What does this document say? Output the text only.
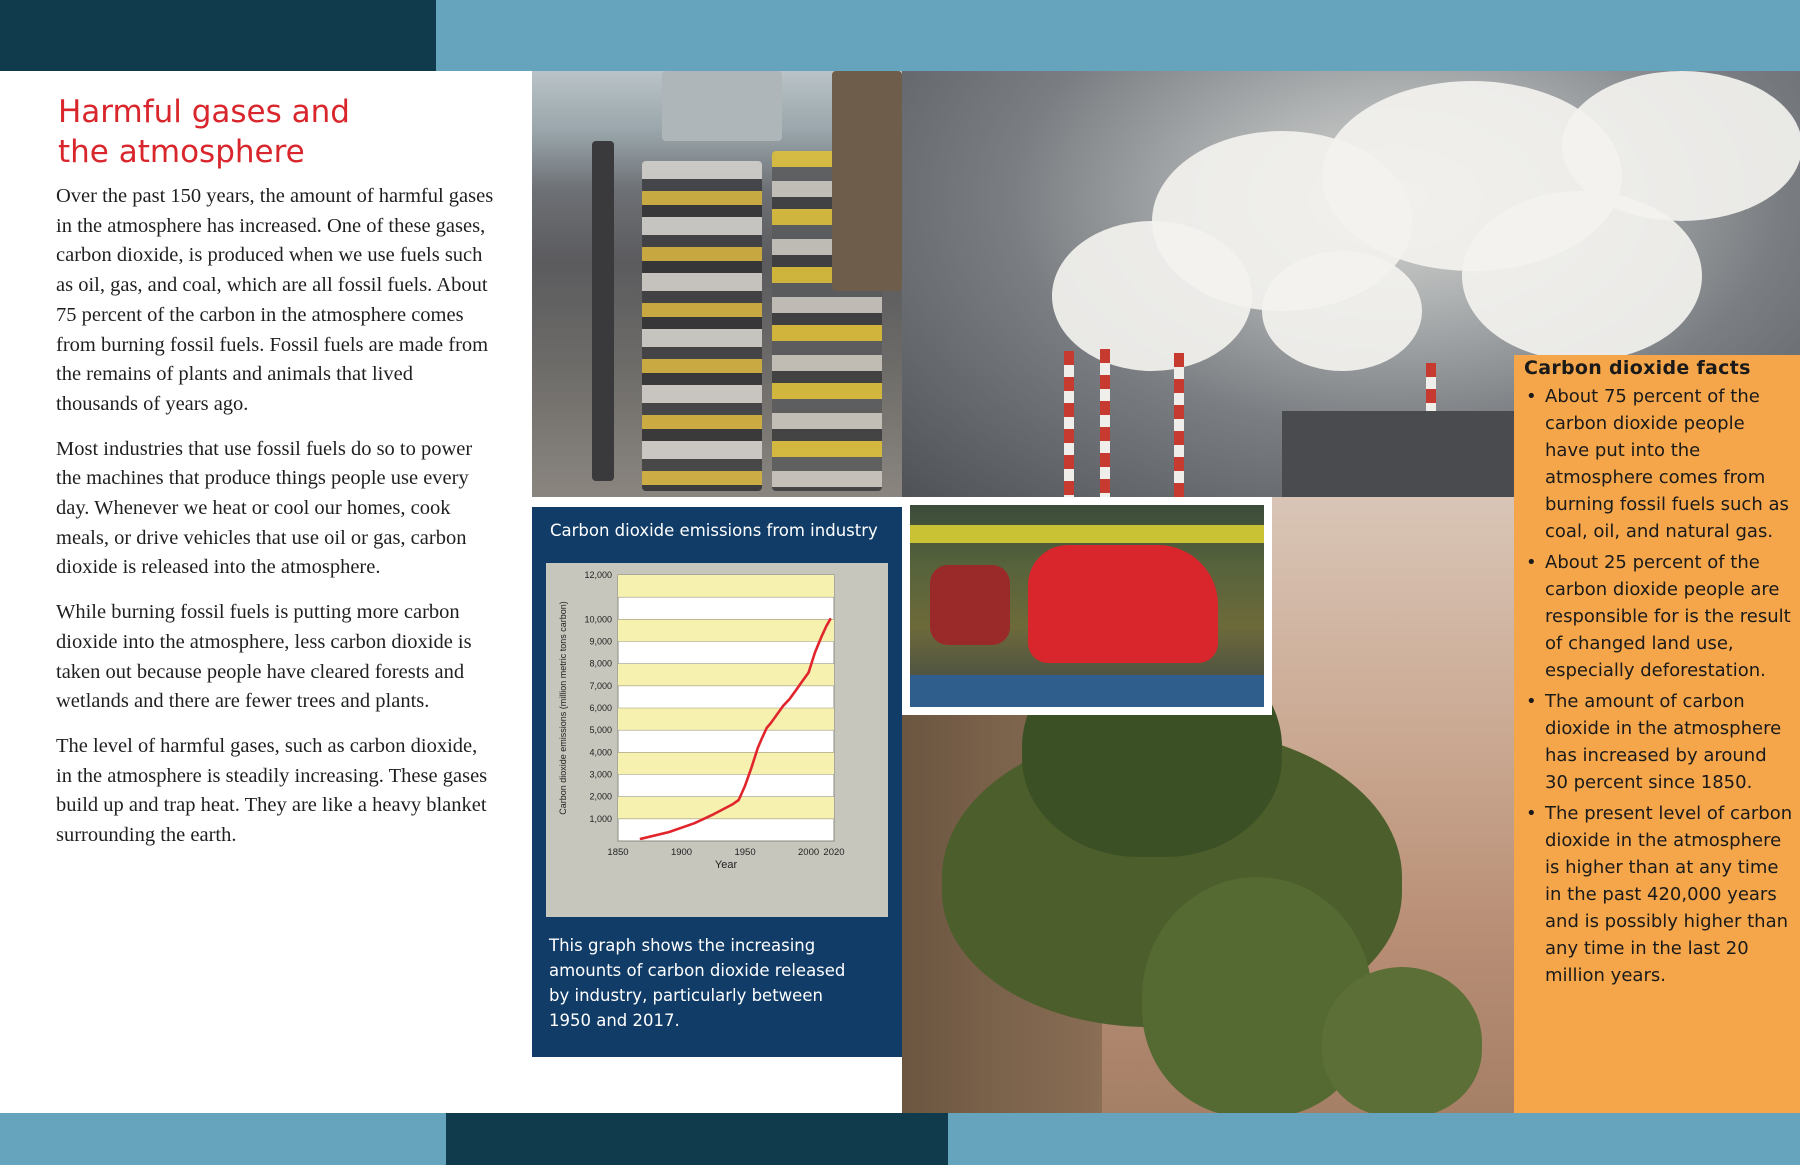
Harmful gases and
the atmosphere

Over the past 150 years, the amount of harmful gases in the atmosphere has increased. One of these gases, carbon dioxide, is produced when we use fuels such as oil, gas, and coal, which are all fossil fuels. About 75 percent of the carbon in the atmosphere comes from burning fossil fuels. Fossil fuels are made from the remains of plants and animals that lived thousands of years ago.

Most industries that use fossil fuels do so to power the machines that produce things people use every day. Whenever we heat or cool our homes, cook meals, or drive vehicles that use oil or gas, carbon dioxide is released into the atmosphere.

While burning fossil fuels is putting more carbon dioxide into the atmosphere, less carbon dioxide is taken out because people have cleared forests and wetlands and there are fewer trees and plants.

The level of harmful gases, such as carbon dioxide, in the atmosphere is steadily increasing. These gases build up and trap heat. They are like a heavy blanket surrounding the earth.

Carbon dioxide emissions from industry
1,000
2,000
3,000
4,000
5,000
6,000
7,000
8,000
9,000
10,000
12,000
1850	1900	1950	2000 2020
Year
Carbon dioxide emissions (million metric tons carbon)
This graph shows the increasing amounts of carbon dioxide released by industry, particularly between 1950 and 2017.
Carbon dioxide facts
• About 75 percent of the carbon dioxide people have put into the atmosphere comes from burning fossil fuels such as coal, oil, and natural gas.
• About 25 percent of the carbon dioxide people are responsible for is the result of changed land use, especially deforestation.
• The amount of carbon dioxide in the atmosphere has increased by around 30 percent since 1850.
• The present level of carbon dioxide in the atmosphere is higher than at any time in the past 420,000 years and is possibly higher than any time in the last 20 million years.
